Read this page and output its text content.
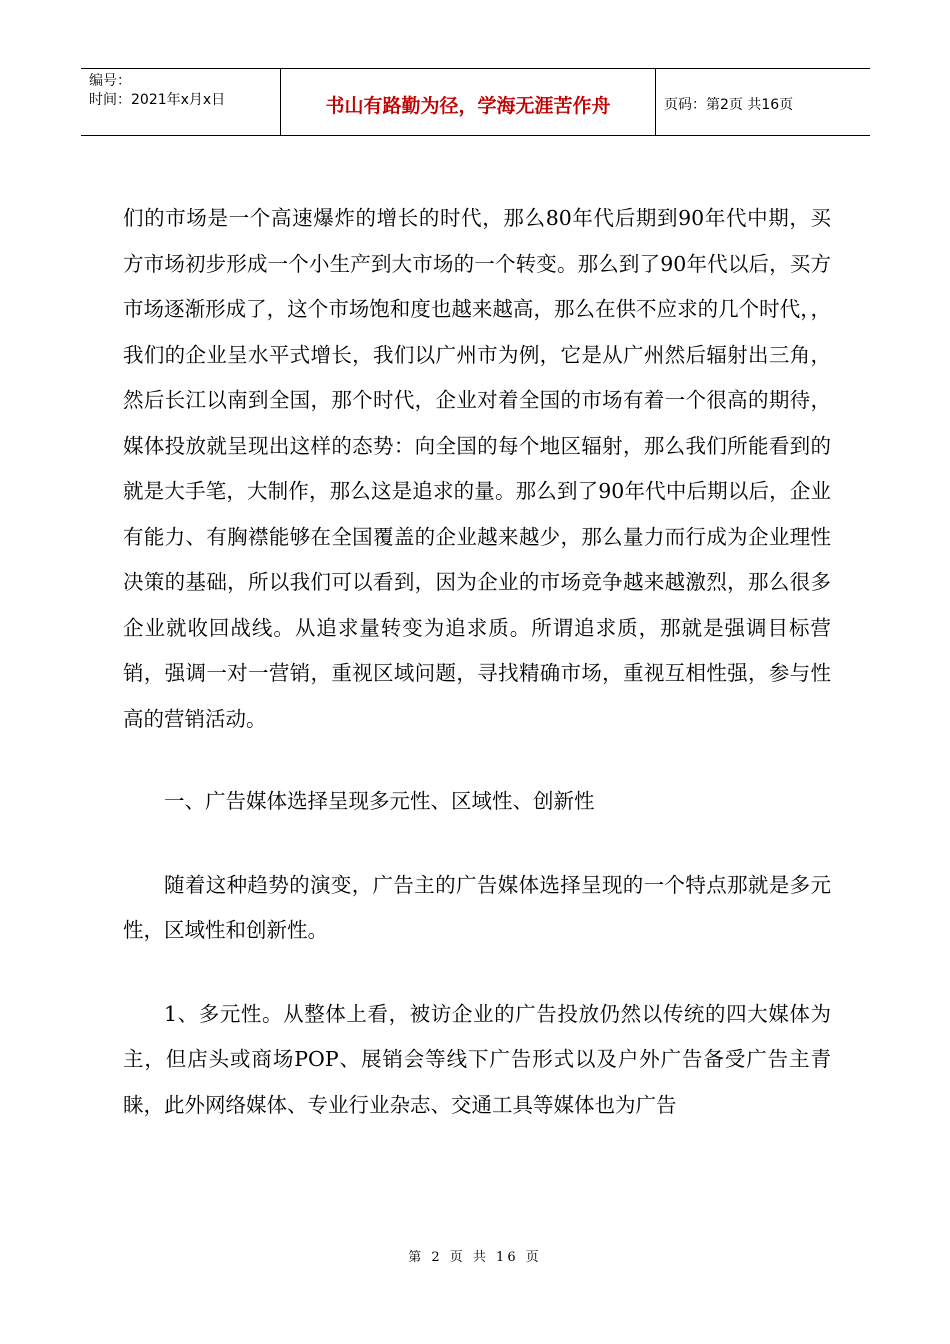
编号：
时间：2021年x月x日	书山有路勤为径，学海无涯苦作舟	页码：第2页 共16页

们的市场是一个高速爆炸的增长的时代，那么80年代后期到90年代中期，买方市场初步形成一个小生产到大市场的一个转变。那么到了90年代以后，买方市场逐渐形成了，这个市场饱和度也越来越高，那么在供不应求的几个时代，，我们的企业呈水平式增长，我们以广州市为例，它是从广州然后辐射出三角，然后长江以南到全国，那个时代，企业对着全国的市场有着一个很高的期待，媒体投放就呈现出这样的态势：向全国的每个地区辐射，那么我们所能看到的就是大手笔，大制作，那么这是追求的量。那么到了90年代中后期以后，企业有能力、有胸襟能够在全国覆盖的企业越来越少，那么量力而行成为企业理性决策的基础，所以我们可以看到，因为企业的市场竞争越来越激烈，那么很多企业就收回战线。从追求量转变为追求质。所谓追求质，那就是强调目标营销，强调一对一营销，重视区域问题，寻找精确市场，重视互相性强，参与性高的营销活动。

一、广告媒体选择呈现多元性、区域性、创新性

随着这种趋势的演变，广告主的广告媒体选择呈现的一个特点那就是多元性，区域性和创新性。

1、多元性。从整体上看，被访企业的广告投放仍然以传统的四大媒体为主，但店头或商场POP、展销会等线下广告形式以及户外广告备受广告主青睐，此外网络媒体、专业行业杂志、交通工具等媒体也为广告

第 2 页 共 16 页
